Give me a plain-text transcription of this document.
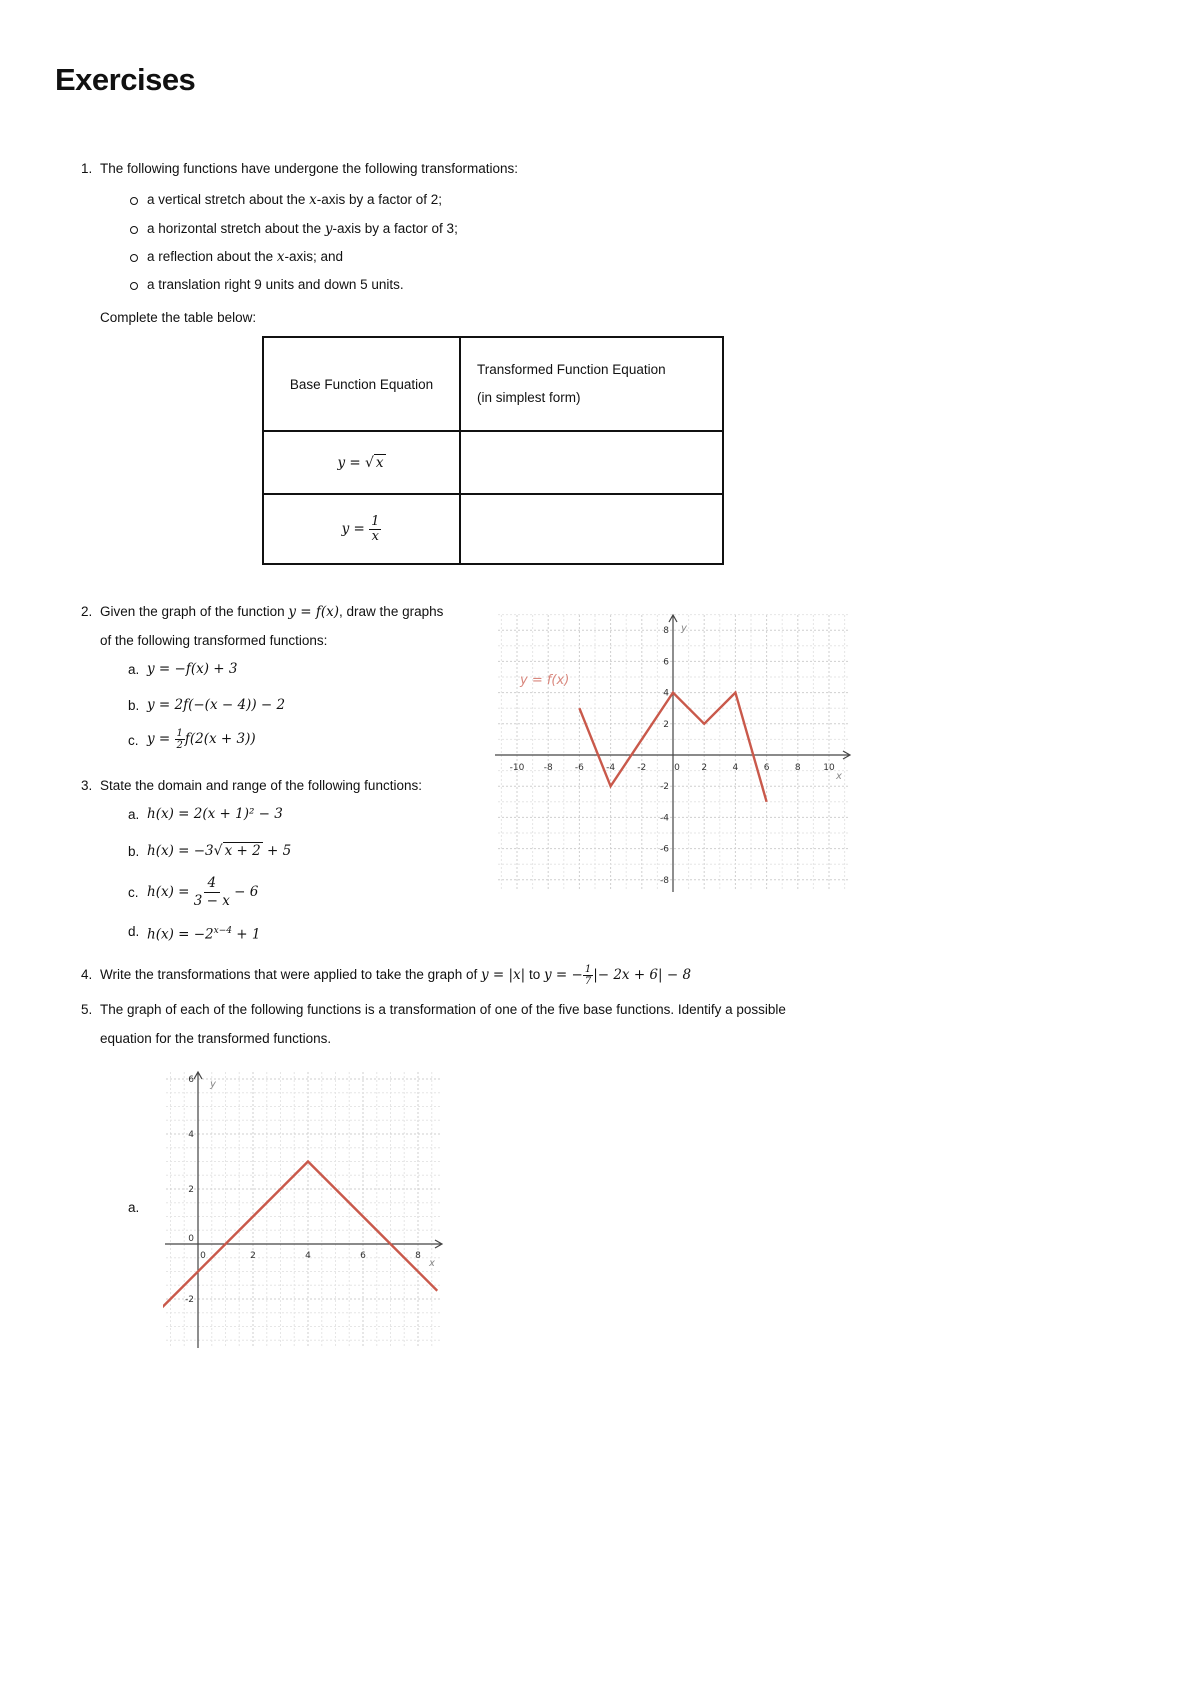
Exercises
1. The following functions have undergone the following transformations:
a vertical stretch about the x-axis by a factor of 2;
a horizontal stretch about the y-axis by a factor of 3;
a reflection about the x-axis; and
a translation right 9 units and down 5 units.
Complete the table below:
Base Function Equation	Transformed Function Equation
(in simplest form)

y = √ x	
$y = \frac{1}{x}$

2. Given the graph of the function y = f(x), draw the graphs
of the following transformed functions:
a. y = −f(x) + 3
b. y = 2f(−(x − 4)) − 2
c. $y = \frac{1}{2} f(2(x + 3))$
3. State the domain and range of the following functions:
a. h(x) = 2(x + 1)² − 3
b. h(x) = −3√ x + 2 + 5
c. $h(x) = \frac{4}{3 - x} - 6$
d. $h(x) = -2^{x-4} + 1$
4. Write the transformations that were applied to take the graph of y = |x| to y = − $\frac{1}{7}$ |− 2x + 6| − 8
5. The graph of each of the following functions is a transformation of one of the five base functions. Identify a possible
equation for the transformed functions.
a.
-10 -8 -6 -4 -2	0 2	4	6	8	10
8
6
4
2
-2
-4
-6
-8
y = f(x)
x
y
0	2	4	6	8
6
4
2
0
-2
x
y
